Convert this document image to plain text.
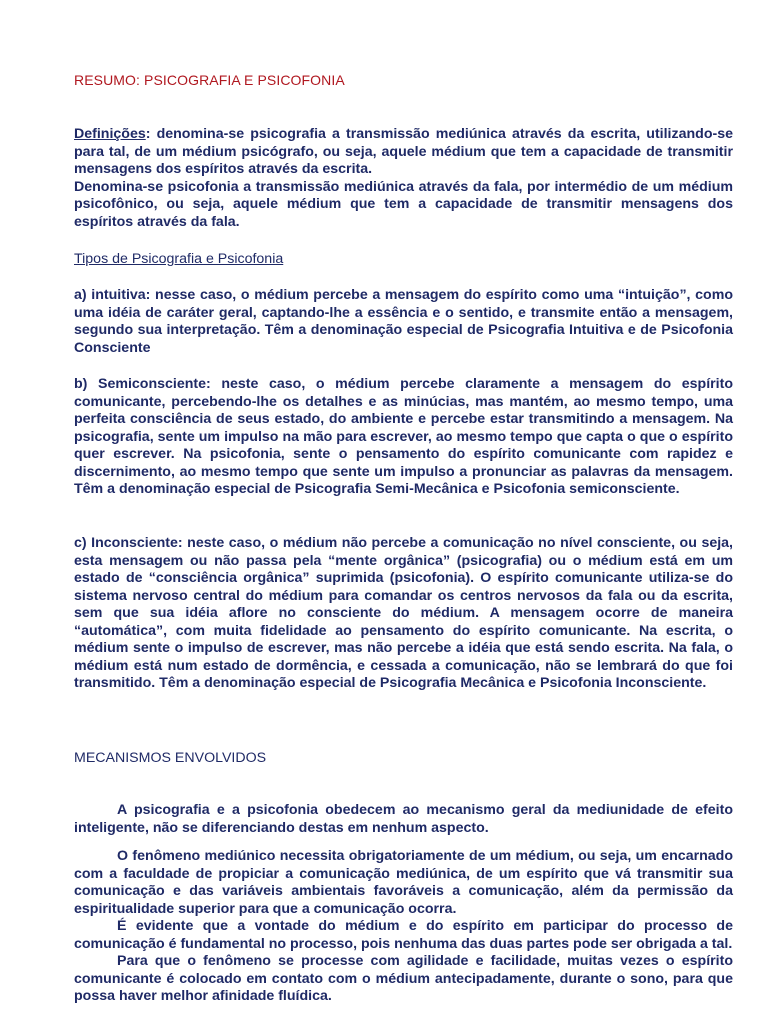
RESUMO: PSICOGRAFIA E PSICOFONIA

Definições: denomina-se psicografia a transmissão mediúnica através da escrita, utilizando-se para tal, de um médium psicógrafo, ou seja, aquele médium que tem a capacidade de transmitir mensagens dos espíritos através da escrita.

Denomina-se psicofonia a transmissão mediúnica através da fala, por intermédio de um médium psicofônico, ou seja, aquele médium que tem a capacidade de transmitir mensagens dos espíritos através da fala.

Tipos de Psicografia e Psicofonia
a) intuitiva: nesse caso, o médium percebe a mensagem do espírito como uma “intuição”, como uma idéia de caráter geral, captando-lhe a essência e o sentido, e transmite então a mensagem, segundo sua interpretação. Têm a denominação especial de Psicografia Intuitiva e de Psicofonia Consciente
b) Semiconsciente: neste caso, o médium percebe claramente a mensagem do espírito comunicante, percebendo-lhe os detalhes e as minúcias, mas mantém, ao mesmo tempo, uma perfeita consciência de seus estado, do ambiente e percebe estar transmitindo a mensagem. Na psicografia, sente um impulso na mão para escrever, ao mesmo tempo que capta o que o espírito quer escrever. Na psicofonia, sente o pensamento do espírito comunicante com rapidez e discernimento, ao mesmo tempo que sente um impulso a pronunciar as palavras da mensagem. Têm a denominação especial de Psicografia Semi-Mecânica e Psicofonia semiconsciente.
c) Inconsciente: neste caso, o médium não percebe a comunicação no nível consciente, ou seja, esta mensagem ou não passa pela “mente orgânica” (psicografia) ou o médium está em um estado de “consciência orgânica” suprimida (psicofonia). O espírito comunicante utiliza-se do sistema nervoso central do médium para comandar os centros nervosos da fala ou da escrita, sem que sua idéia aflore no consciente do médium. A mensagem ocorre de maneira “automática”, com muita fidelidade ao pensamento do espírito comunicante. Na escrita, o médium sente o impulso de escrever, mas não percebe a idéia que está sendo escrita. Na fala, o médium está num estado de dormência, e cessada a comunicação, não se lembrará do que foi transmitido. Têm a denominação especial de Psicografia Mecânica e Psicofonia Inconsciente.
MECANISMOS ENVOLVIDOS

A psicografia e a psicofonia obedecem ao mecanismo geral da mediunidade de efeito inteligente, não se diferenciando destas em nenhum aspecto.

O fenômeno mediúnico necessita obrigatoriamente de um médium, ou seja, um encarnado com a faculdade de propiciar a comunicação mediúnica, de um espírito que vá transmitir sua comunicação e das variáveis ambientais favoráveis a comunicação, além da permissão da espiritualidade superior para que a comunicação ocorra.

É evidente que a vontade do médium e do espírito em participar do processo de comunicação é fundamental no processo, pois nenhuma das duas partes pode ser obrigada a tal.

Para que o fenômeno se processe com agilidade e facilidade, muitas vezes o espírito comunicante é colocado em contato com o médium antecipadamente, durante o sono, para que possa haver melhor afinidade fluídica.
